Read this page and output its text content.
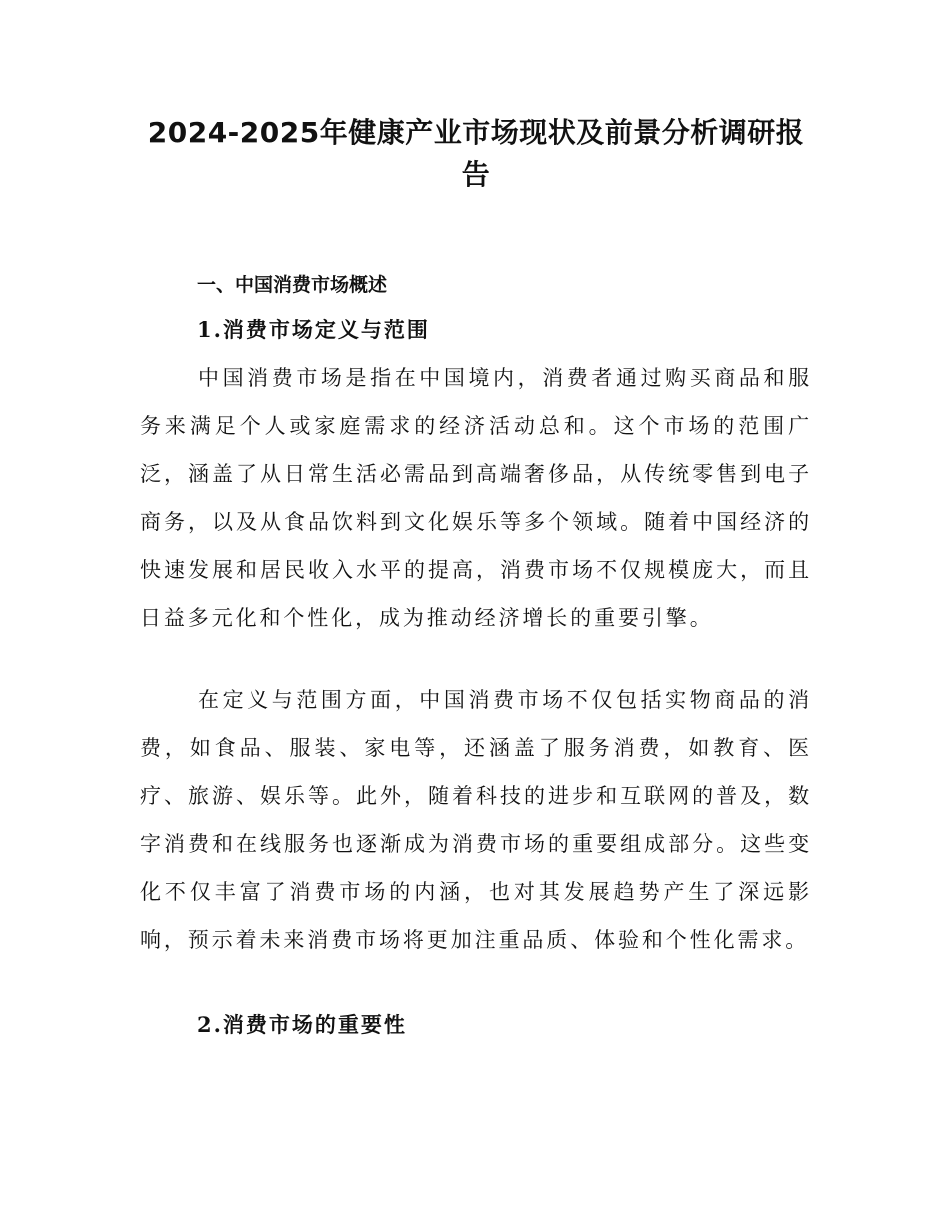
2024-2025年健康产业市场现状及前景分析调研报告
一、中国消费市场概述
1.消费市场定义与范围

中国消费市场是指在中国境内，消费者通过购买商品和服务来满足个人或家庭需求的经济活动总和。这个市场的范围广泛，涵盖了从日常生活必需品到高端奢侈品，从传统零售到电子商务，以及从食品饮料到文化娱乐等多个领域。随着中国经济的快速发展和居民收入水平的提高，消费市场不仅规模庞大，而且日益多元化和个性化，成为推动经济增长的重要引擎。

在定义与范围方面，中国消费市场不仅包括实物商品的消费，如食品、服装、家电等，还涵盖了服务消费，如教育、医疗、旅游、娱乐等。此外，随着科技的进步和互联网的普及，数字消费和在线服务也逐渐成为消费市场的重要组成部分。这些变化不仅丰富了消费市场的内涵，也对其发展趋势产生了深远影响，预示着未来消费市场将更加注重品质、体验和个性化需求。

2.消费市场的重要性
